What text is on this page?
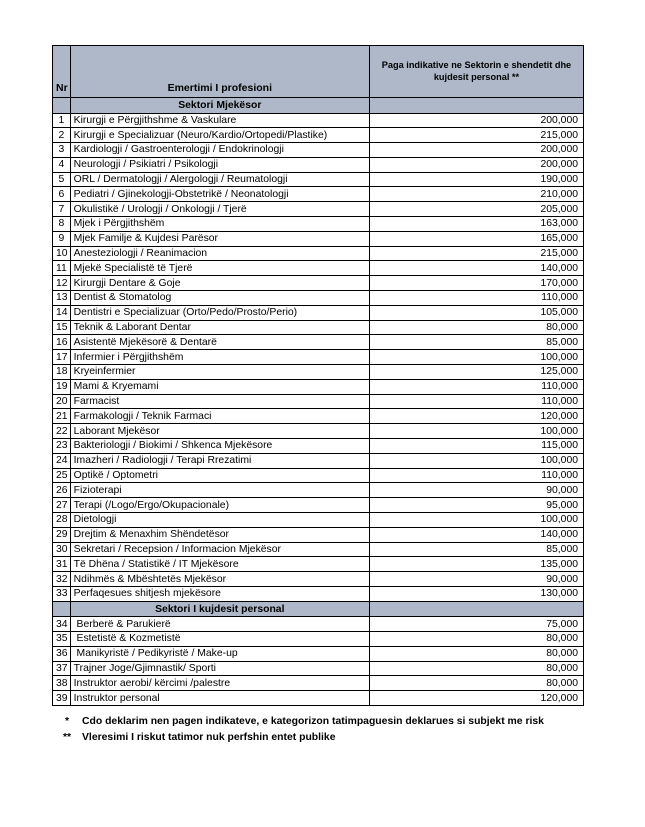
Nr	Emertimi I profesioni	Paga indikative ne Sektorin e shendetit dhe kujdesit personal **
	Sektori Mjekësor	
1	Kirurgji e Përgjithshme & Vaskulare	200,000
2	Kirurgji e Specializuar (Neuro/Kardio/Ortopedi/Plastike)	215,000
3	Kardiologji / Gastroenterologji / Endokrinologji	200,000
4	Neurologji / Psikiatri / Psikologji	200,000
5	ORL / Dermatologji / Alergologji / Reumatologji	190,000
6	Pediatri / Gjinekologji-Obstetrikë / Neonatologji	210,000
7	Okulistikë / Urologji / Onkologji / Tjerë	205,000
8	Mjek i Përgjithshëm	163,000
9	Mjek Familje & Kujdesi Parësor	165,000
10	Anesteziologji / Reanimacion	215,000
11	Mjekë Specialistë të Tjerë	140,000
12	Kirurgji Dentare & Goje	170,000
13	Dentist & Stomatolog	110,000
14	Dentistri e Specializuar (Orto/Pedo/Prosto/Perio)	105,000
15	Teknik & Laborant Dentar	80,000
16	Asistentë Mjekësorë & Dentarë	85,000
17	Infermier i Përgjithshëm	100,000
18	Kryeinfermier	125,000
19	Mami & Kryemami	110,000
20	Farmacist	110,000
21	Farmakologji / Teknik Farmaci	120,000
22	Laborant Mjekësor	100,000
23	Bakteriologji / Biokimi / Shkenca Mjekësore	115,000
24	Imazheri / Radiologji / Terapi Rrezatimi	100,000
25	Optikë / Optometri	110,000
26	Fizioterapi	90,000
27	Terapi (/Logo/Ergo/Okupacionale)	95,000
28	Dietologji	100,000
29	Drejtim & Menaxhim Shëndetësor	140,000
30	Sekretari / Recepsion / Informacion Mjekësor	85,000
31	Të Dhëna / Statistikë / IT Mjekësore	135,000
32	Ndihmës & Mbështetës Mjekësor	90,000
33	Perfaqesues shitjesh mjekësore	130,000
	Sektori I kujdesit personal	
34	Berberë & Parukierë	75,000
35	Estetistë & Kozmetistë	80,000
36	Manikyristë / Pedikyristë / Make-up	80,000
37	Trajner Joge/Gjimnastik/ Sporti	80,000
38	Instruktor aerobi/ kërcimi /palestre	80,000
39	Instruktor personal	120,000
*	Cdo deklarim nen pagen indikateve, e kategorizon tatimpaguesin deklarues si subjekt me risk
**	Vleresimi I riskut tatimor nuk perfshin entet publike
